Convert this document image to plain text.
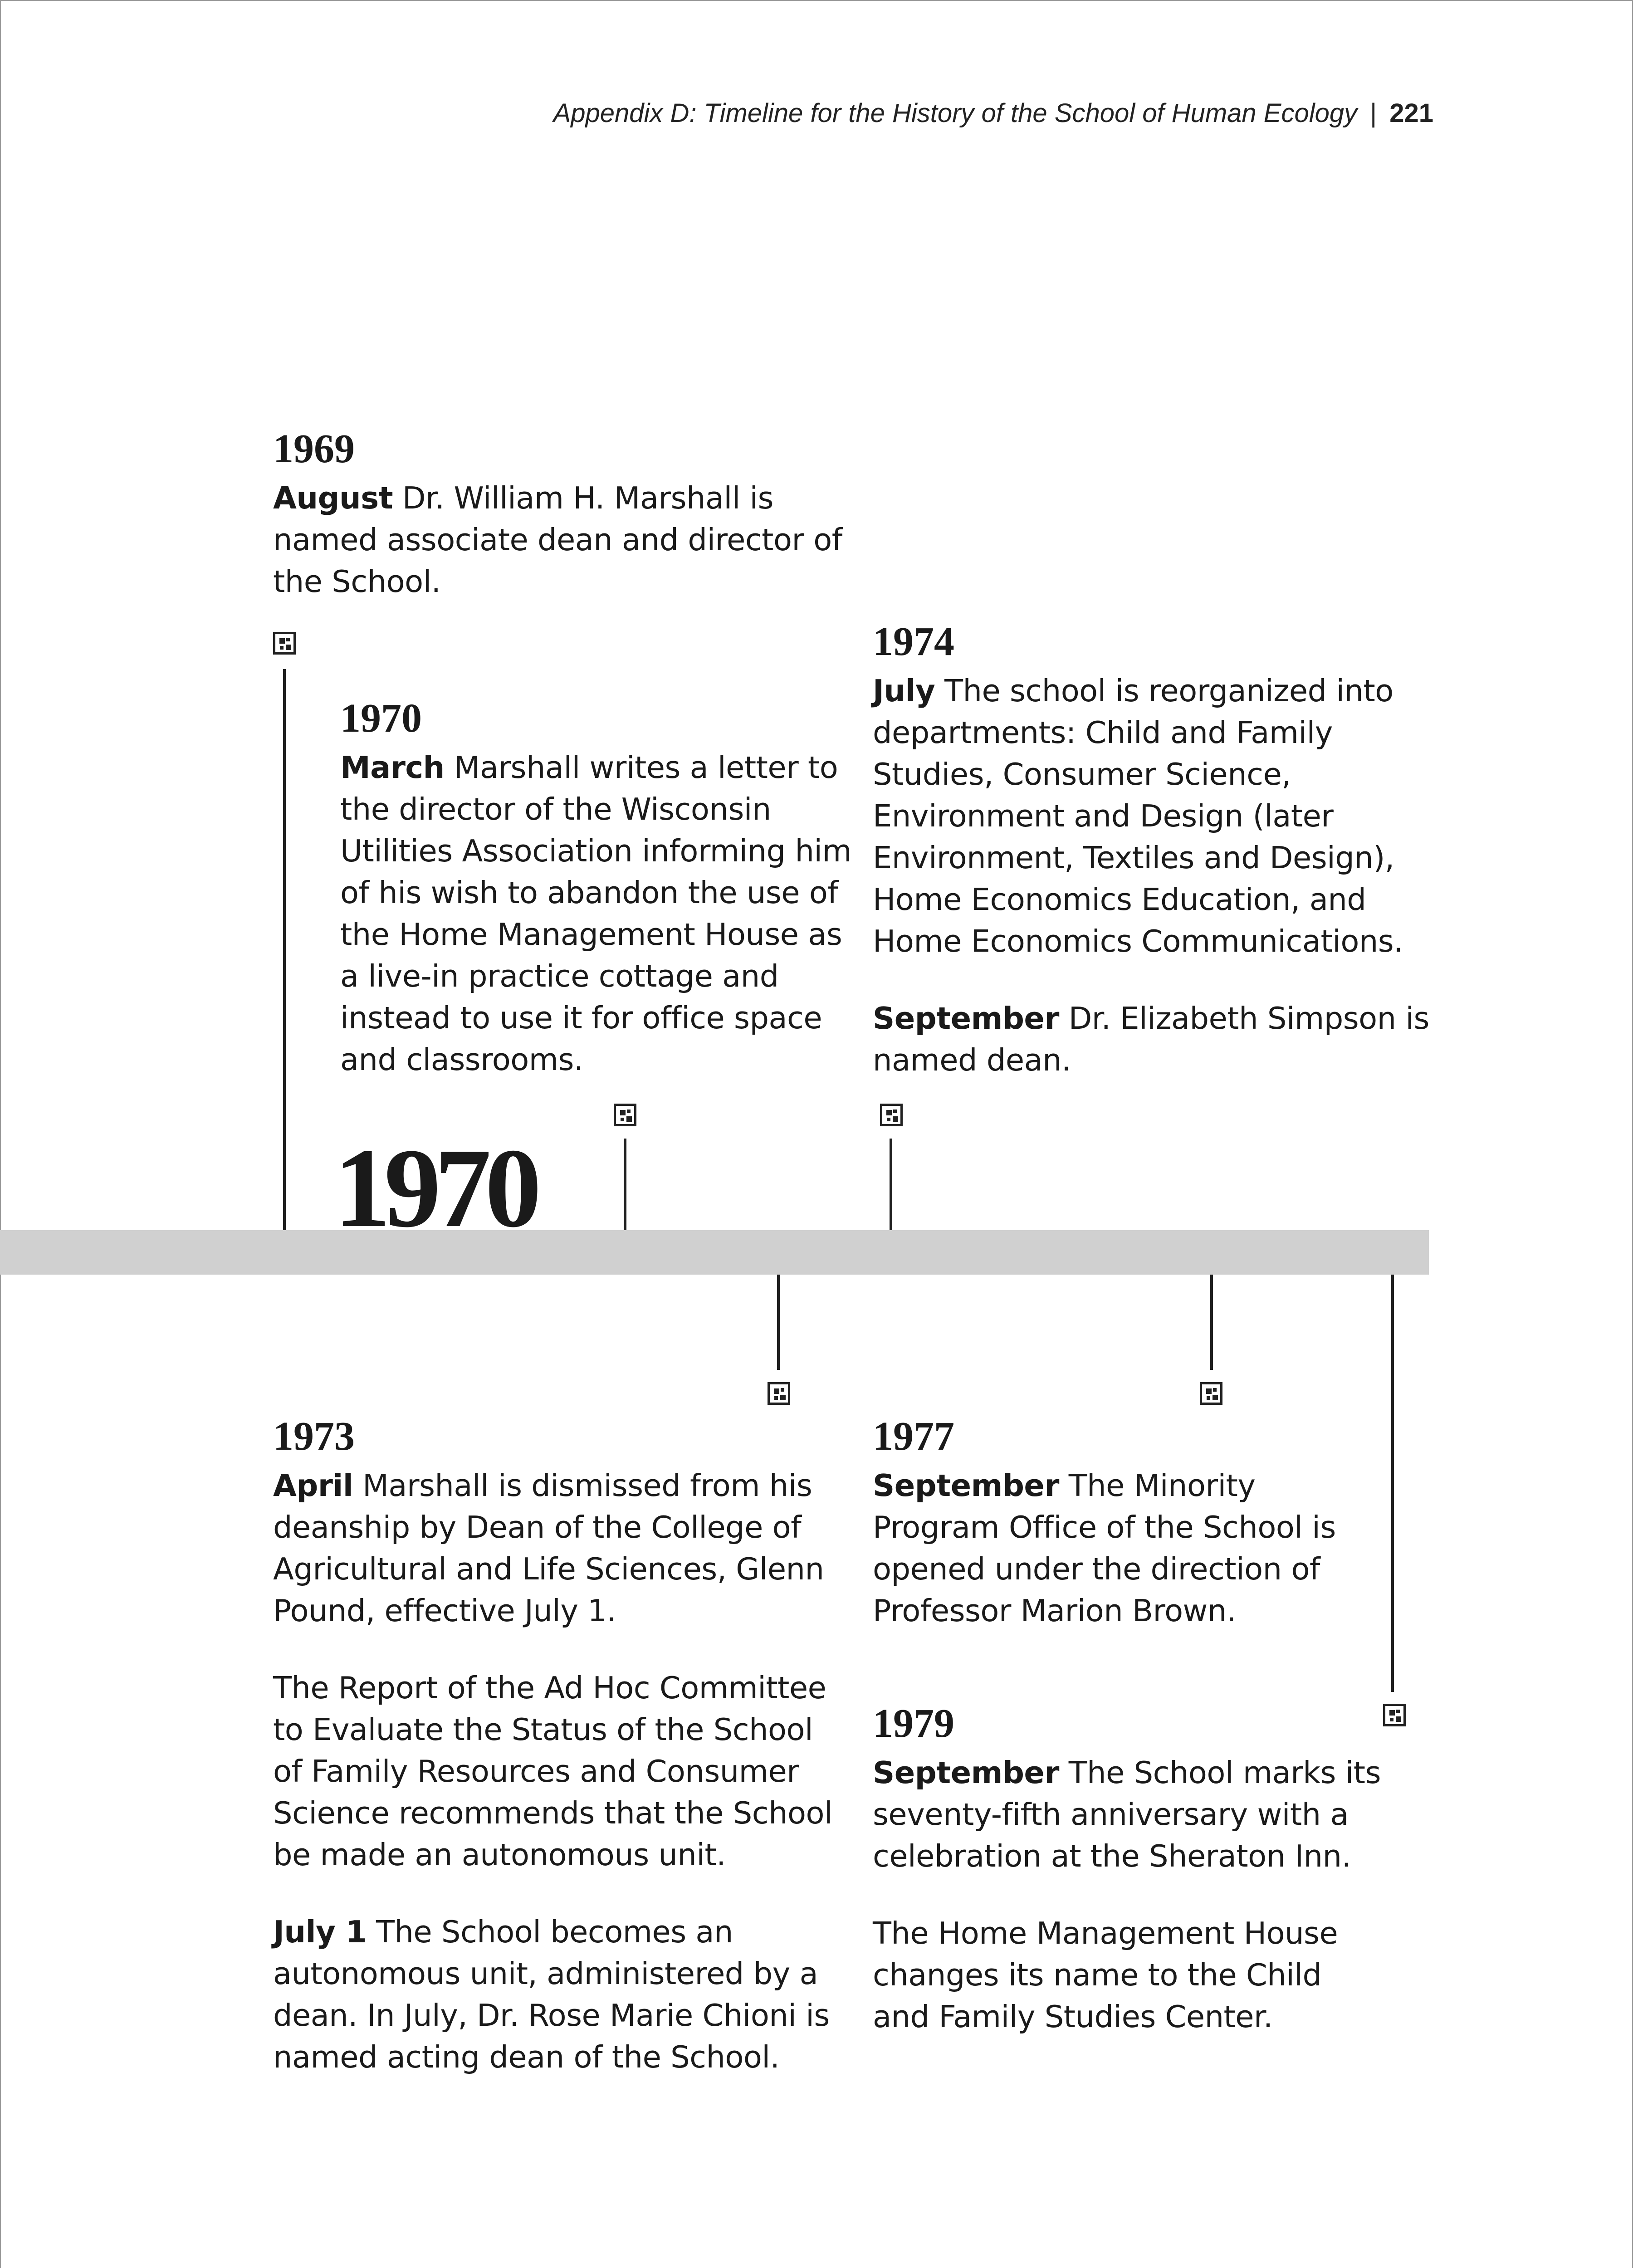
Appendix D: Timeline for the History of the School of Human Ecology | 221
1970
1969

August Dr. William H. Marshall is named associate dean and director of the School.

1970

March Marshall writes a letter to the director of the Wisconsin Utilities Association informing him of his wish to abandon the use of the Home Management House as a live-in practice cottage and instead to use it for office space and classrooms.

1974

July The school is reorganized into departments: Child and Family Studies, Consumer Science, Environment and Design (later Environment, Textiles and Design), Home Economics Education, and Home Economics Communications.

September Dr. Elizabeth Simpson is named dean.

1973

April Marshall is dismissed from his deanship by Dean of the College of Agricultural and Life Sciences, Glenn Pound, effective July 1.

The Report of the Ad Hoc Committee to Evaluate the Status of the School of Family Resources and Consumer Science recommends that the School be made an autonomous unit.

July 1 The School becomes an autonomous unit, administered by a dean. In July, Dr. Rose Marie Chioni is named acting dean of the School.

1977

September The Minority Program Office of the School is opened under the direction of Professor Marion Brown.

1979

September The School marks its seventy-fifth anniversary with a celebration at the Sheraton Inn.

The Home Management House changes its name to the Child and Family Studies Center.
